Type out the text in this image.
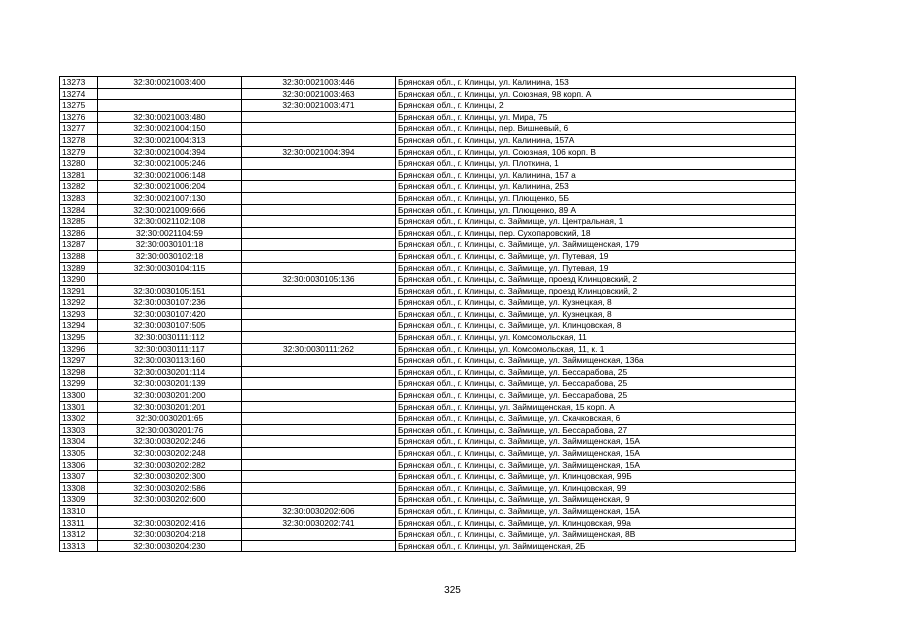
13273	32:30:0021003:400	32:30:0021003:446	Брянская обл., г. Клинцы, ул. Калинина, 153
13274		32:30:0021003:463	Брянская обл., г. Клинцы, ул. Союзная, 98 корп. А
13275		32:30:0021003:471	Брянская обл., г. Клинцы, 2
13276	32:30:0021003:480		Брянская обл., г. Клинцы, ул. Мира, 75
13277	32:30:0021004:150		Брянская обл., г. Клинцы, пер. Вишневый, 6
13278	32:30:0021004:313		Брянская обл., г. Клинцы, ул. Калинина, 157А
13279	32:30:0021004:394	32:30:0021004:394	Брянская обл., г. Клинцы, ул. Союзная, 106 корп. В
13280	32:30:0021005:246		Брянская обл., г. Клинцы, ул. Плоткина, 1
13281	32:30:0021006:148		Брянская обл., г. Клинцы, ул. Калинина, 157 а
13282	32:30:0021006:204		Брянская обл., г. Клинцы, ул. Калинина, 253
13283	32:30:0021007:130		Брянская обл., г. Клинцы, ул. Плющенко, 5Б
13284	32:30:0021009:666		Брянская обл., г. Клинцы, ул. Плющенко, 89 А
13285	32:30:0021102:108		Брянская обл., г. Клинцы, с. Займище, ул. Центральная, 1
13286	32:30:0021104:59		Брянская обл., г. Клинцы, пер. Сухопаровский, 18
13287	32:30:0030101:18		Брянская обл., г. Клинцы, с. Займище, ул. Займищенская, 179
13288	32:30:0030102:18		Брянская обл., г. Клинцы, с. Займище, ул. Путевая, 19
13289	32:30:0030104:115		Брянская обл., г. Клинцы, с. Займище, ул. Путевая, 19
13290		32:30:0030105:136	Брянская обл., г. Клинцы, с. Займище, проезд Клинцовский, 2
13291	32:30:0030105:151		Брянская обл., г. Клинцы, с. Займище, проезд Клинцовский, 2
13292	32:30:0030107:236		Брянская обл., г. Клинцы, с. Займище, ул. Кузнецкая, 8
13293	32:30:0030107:420		Брянская обл., г. Клинцы, с. Займище, ул. Кузнецкая, 8
13294	32:30:0030107:505		Брянская обл., г. Клинцы, с. Займище, ул. Клинцовская, 8
13295	32:30:0030111:112		Брянская обл., г. Клинцы, ул. Комсомольская, 11
13296	32:30:0030111:117	32:30:0030111:262	Брянская обл., г. Клинцы, ул. Комсомольская, 11, к. 1
13297	32:30:0030113:160		Брянская обл., г. Клинцы, с. Займище, ул. Займищенская, 136а
13298	32:30:0030201:114		Брянская обл., г. Клинцы, с. Займище, ул. Бессарабова, 25
13299	32:30:0030201:139		Брянская обл., г. Клинцы, с. Займище, ул. Бессарабова, 25
13300	32:30:0030201:200		Брянская обл., г. Клинцы, с. Займище, ул. Бессарабова, 25
13301	32:30:0030201:201		Брянская обл., г. Клинцы, ул. Займищенская, 15 корп. А
13302	32:30:0030201:65		Брянская обл., г. Клинцы, с. Займище, ул. Скачковская, 6
13303	32:30:0030201:76		Брянская обл., г. Клинцы, с. Займище, ул. Бессарабова, 27
13304	32:30:0030202:246		Брянская обл., г. Клинцы, с. Займище, ул. Займищенская, 15А
13305	32:30:0030202:248		Брянская обл., г. Клинцы, с. Займище, ул. Займищенская, 15А
13306	32:30:0030202:282		Брянская обл., г. Клинцы, с. Займище, ул. Займищенская, 15А
13307	32:30:0030202:300		Брянская обл., г. Клинцы, с. Займище, ул. Клинцовская, 99Б
13308	32:30:0030202:586		Брянская обл., г. Клинцы, с. Займище, ул. Клинцовская, 99
13309	32:30:0030202:600		Брянская обл., г. Клинцы, с. Займище, ул. Займищенская, 9
13310		32:30:0030202:606	Брянская обл., г. Клинцы, с. Займище, ул. Займищенская, 15А
13311	32:30:0030202:416	32:30:0030202:741	Брянская обл., г. Клинцы, с. Займище, ул. Клинцовская, 99а
13312	32:30:0030204:218		Брянская обл., г. Клинцы, с. Займище, ул. Займищенская, 8В
13313	32:30:0030204:230		Брянская обл., г. Клинцы, ул. Займищенская, 2Б
325
